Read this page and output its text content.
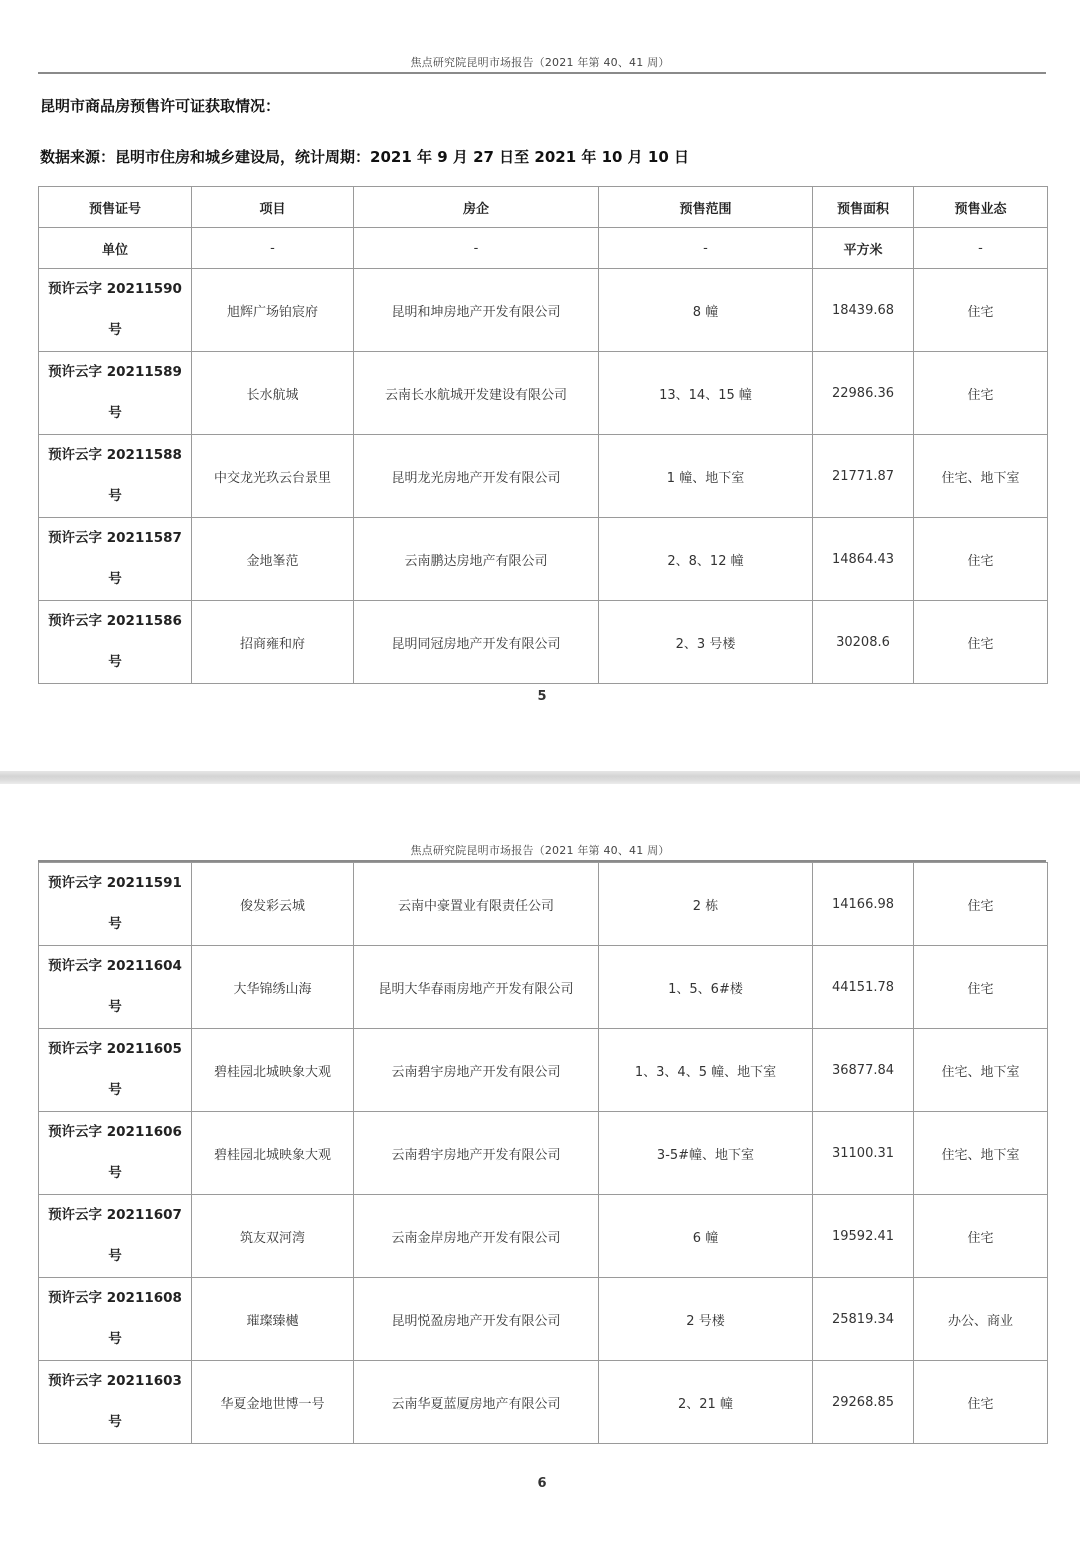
焦点研究院昆明市场报告（2021 年第 40、41 周）
昆明市商品房预售许可证获取情况：
数据来源：昆明市住房和城乡建设局，统计周期：2021 年 9 月 27 日至 2021 年 10 月 10 日
预售证号	项目	房企	预售范围	预售面积	预售业态
单位	-	-	-	平方米	-
预许云字 20211590
号	旭辉广场铂宸府	昆明和坤房地产开发有限公司	8 幢	18439.68	住宅
预许云字 20211589
号	长水航城	云南长水航城开发建设有限公司	13、14、15 幢	22986.36	住宅
预许云字 20211588
号	中交龙光玖云台景里	昆明龙光房地产开发有限公司	1 幢、地下室	21771.87	住宅、地下室
预许云字 20211587
号	金地峯范	云南鹏达房地产有限公司	2、8、12 幢	14864.43	住宅
预许云字 20211586
号	招商雍和府	昆明同冠房地产开发有限公司	2、3 号楼	30208.6	住宅
5
焦点研究院昆明市场报告（2021 年第 40、41 周）
预许云字 20211591
号	俊发彩云城	云南中豪置业有限责任公司	2 栋	14166.98	住宅
预许云字 20211604
号	大华锦绣山海	昆明大华春雨房地产开发有限公司	1、5、6#楼	44151.78	住宅
预许云字 20211605
号	碧桂园北城映象大观	云南碧宇房地产开发有限公司	1、3、4、5 幢、地下室	36877.84	住宅、地下室
预许云字 20211606
号	碧桂园北城映象大观	云南碧宇房地产开发有限公司	3-5#幢、地下室	31100.31	住宅、地下室
预许云字 20211607
号	筑友双河湾	云南金岸房地产开发有限公司	6 幢	19592.41	住宅
预许云字 20211608
号	璀璨臻樾	昆明悦盈房地产开发有限公司	2 号楼	25819.34	办公、商业
预许云字 20211603
号	华夏金地世博一号	云南华夏蓝厦房地产有限公司	2、21 幢	29268.85	住宅
6
